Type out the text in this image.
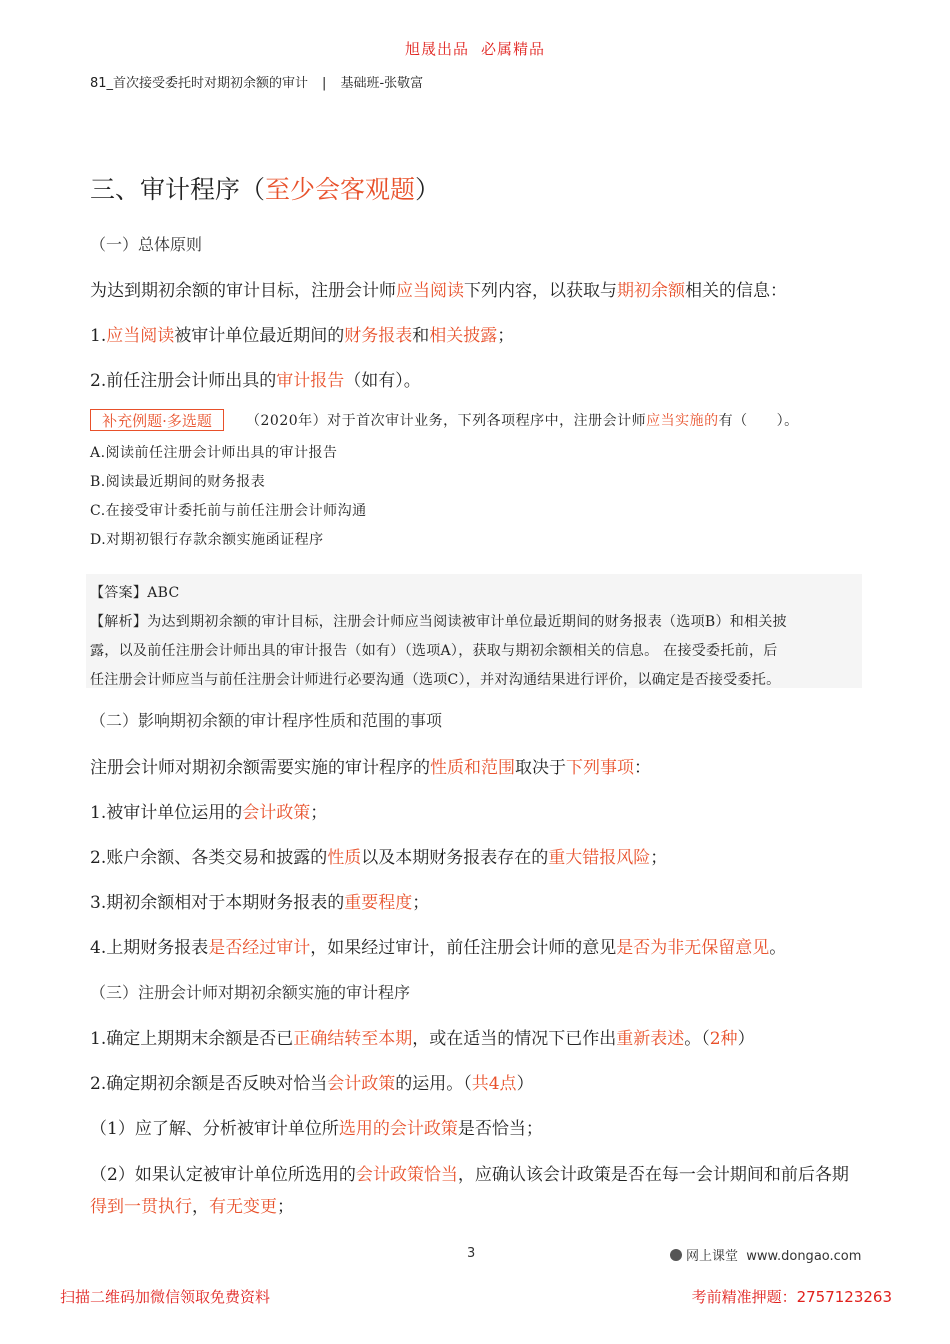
旭晟出品 必属精品
81_首次接受委托时对期初余额的审计 | 基础班-张敬富
三、审计程序（至少会客观题）
（一）总体原则
为达到期初余额的审计目标，注册会计师应当阅读下列内容，以获取与期初余额相关的信息：
1.应当阅读被审计单位最近期间的财务报表和相关披露；
2.前任注册会计师出具的审计报告（如有）。
补充例题·多选题	（2020年）对于首次审计业务，下列各项程序中，注册会计师应当实施的有（　　）。
A.阅读前任注册会计师出具的审计报告
B.阅读最近期间的财务报表
C.在接受审计委托前与前任注册会计师沟通
D.对期初银行存款余额实施函证程序
【答案】ABC
【解析】为达到期初余额的审计目标，注册会计师应当阅读被审计单位最近期间的财务报表（选项B）和相关披
露，以及前任注册会计师出具的审计报告（如有）（选项A），获取与期初余额相关的信息。 在接受委托前，后
任注册会计师应当与前任注册会计师进行必要沟通（选项C），并对沟通结果进行评价，以确定是否接受委托。
（二）影响期初余额的审计程序性质和范围的事项
注册会计师对期初余额需要实施的审计程序的性质和范围取决于下列事项：
1.被审计单位运用的会计政策；
2.账户余额、各类交易和披露的性质以及本期财务报表存在的重大错报风险；
3.期初余额相对于本期财务报表的重要程度；
4.上期财务报表是否经过审计，如果经过审计，前任注册会计师的意见是否为非无保留意见。
（三）注册会计师对期初余额实施的审计程序
1.确定上期期末余额是否已正确结转至本期，或在适当的情况下已作出重新表述。（2种）
2.确定期初余额是否反映对恰当会计政策的运用。（共4点）
（1）应了解、分析被审计单位所选用的会计政策是否恰当；
（2）如果认定被审计单位所选用的会计政策恰当，应确认该会计政策是否在每一会计期间和前后各期
得到一贯执行，有无变更；
3	网上课堂 www.dongao.com
扫描二维码加微信领取免费资料	考前精准押题：2757123263
